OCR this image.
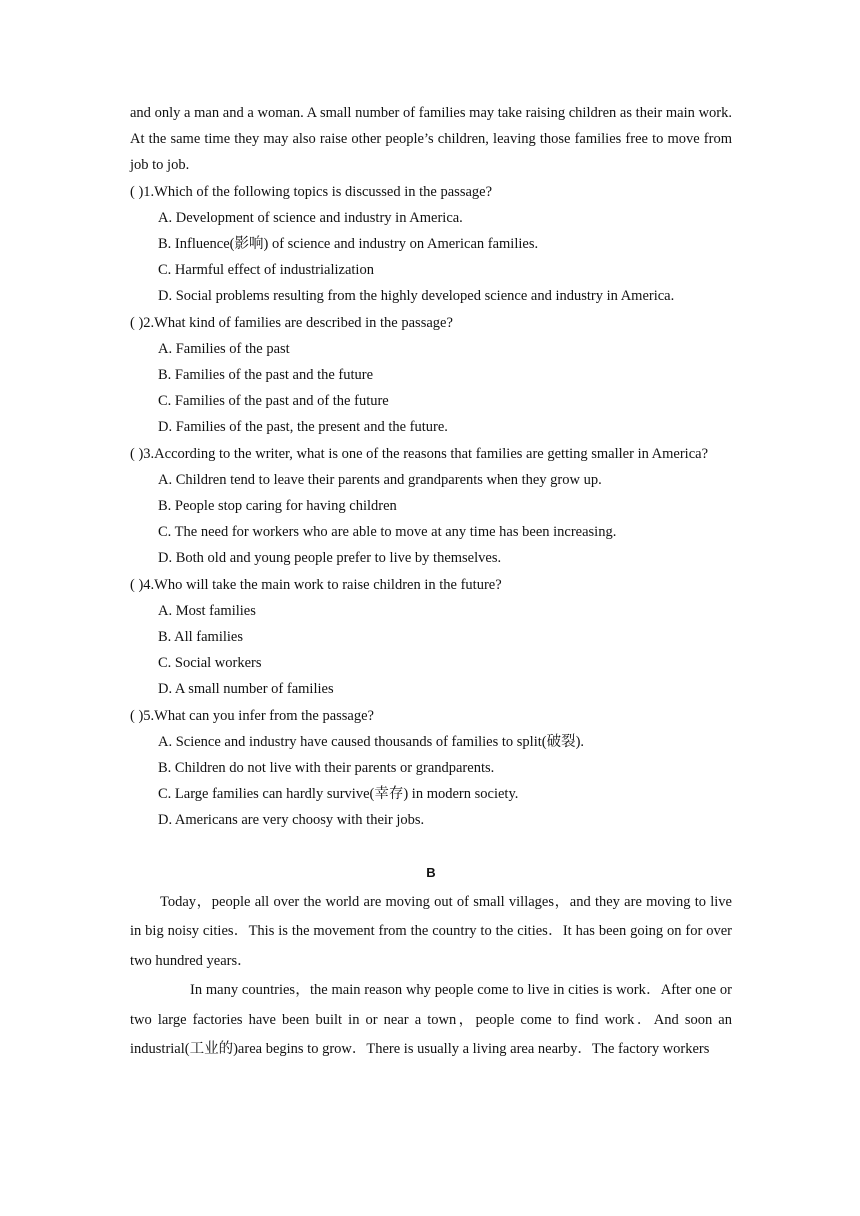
and only a man and a woman. A small number of families may take raising children as their main work. At the same time they may also raise other people’s children, leaving those families free to move from job to job.

( )1.Which of the following topics is discussed in the passage?

A. Development of science and industry in America.

B. Influence(影响) of science and industry on American families.

C. Harmful effect of industrialization

D. Social problems resulting from the highly developed science and industry in America.

( )2.What kind of families are described in the passage?

A. Families of the past

B. Families of the past and the future

C. Families of the past and of the future

D. Families of the past, the present and the future.

( )3.According to the writer, what is one of the reasons that families are getting smaller in America?

A. Children tend to leave their parents and grandparents when they grow up.

B. People stop caring for having children

C. The need for workers who are able to move at any time has been increasing.

D. Both old and young people prefer to live by themselves.

( )4.Who will take the main work to raise children in the future?

A. Most families

B. All families

C. Social workers

D. A small number of families

( )5.What can you infer from the passage?

A. Science and industry have caused thousands of families to split(破裂).

B. Children do not live with their parents or grandparents.

C. Large families can hardly survive(幸存) in modern society.

D. Americans are very choosy with their jobs.

B

Today，people all over the world are moving out of small villages，and they are moving to live in big noisy cities．This is the movement from the country to the cities．It has been going on for over two hundred years．

In many countries，the main reason why people come to live in cities is work．After one or two large factories have been built in or near a town，people come to find work．And soon an industrial(工业的)area begins to grow．There is usually a living area nearby．The factory workers
